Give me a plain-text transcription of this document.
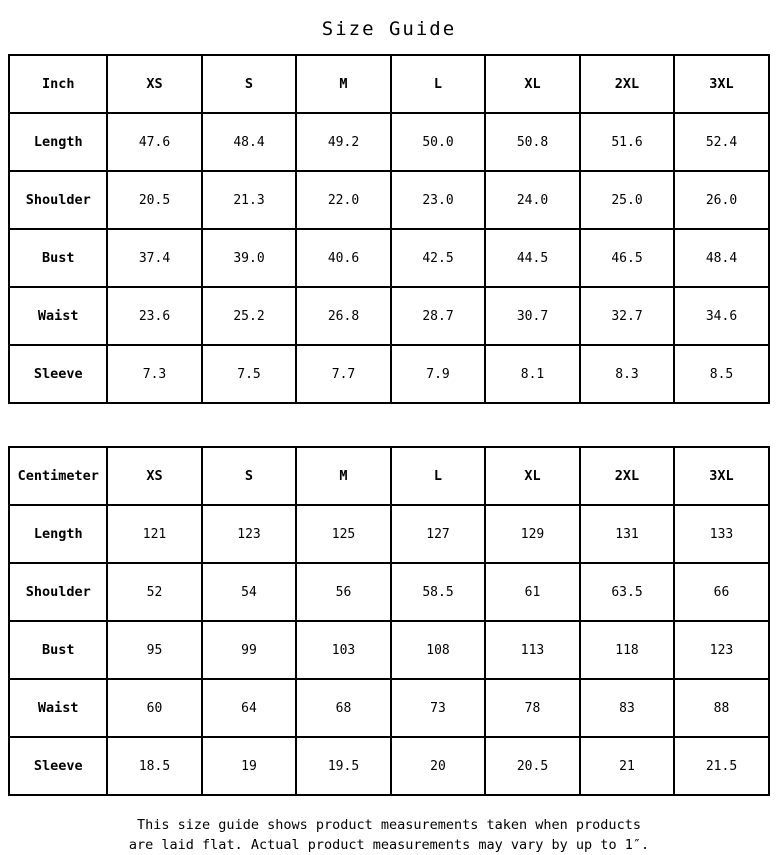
Size Guide
Inch	XS	S	M	L	XL	2XL	3XL
Length	47.6	48.4	49.2	50.0	50.8	51.6	52.4
Shoulder	20.5	21.3	22.0	23.0	24.0	25.0	26.0
Bust	37.4	39.0	40.6	42.5	44.5	46.5	48.4
Waist	23.6	25.2	26.8	28.7	30.7	32.7	34.6
Sleeve	7.3	7.5	7.7	7.9	8.1	8.3	8.5
Centimeter	XS	S	M	L	XL	2XL	3XL
Length	121	123	125	127	129	131	133
Shoulder	52	54	56	58.5	61	63.5	66
Bust	95	99	103	108	113	118	123
Waist	60	64	68	73	78	83	88
Sleeve	18.5	19	19.5	20	20.5	21	21.5
This size guide shows product measurements taken when products
are laid flat. Actual product measurements may vary by up to 1″.
